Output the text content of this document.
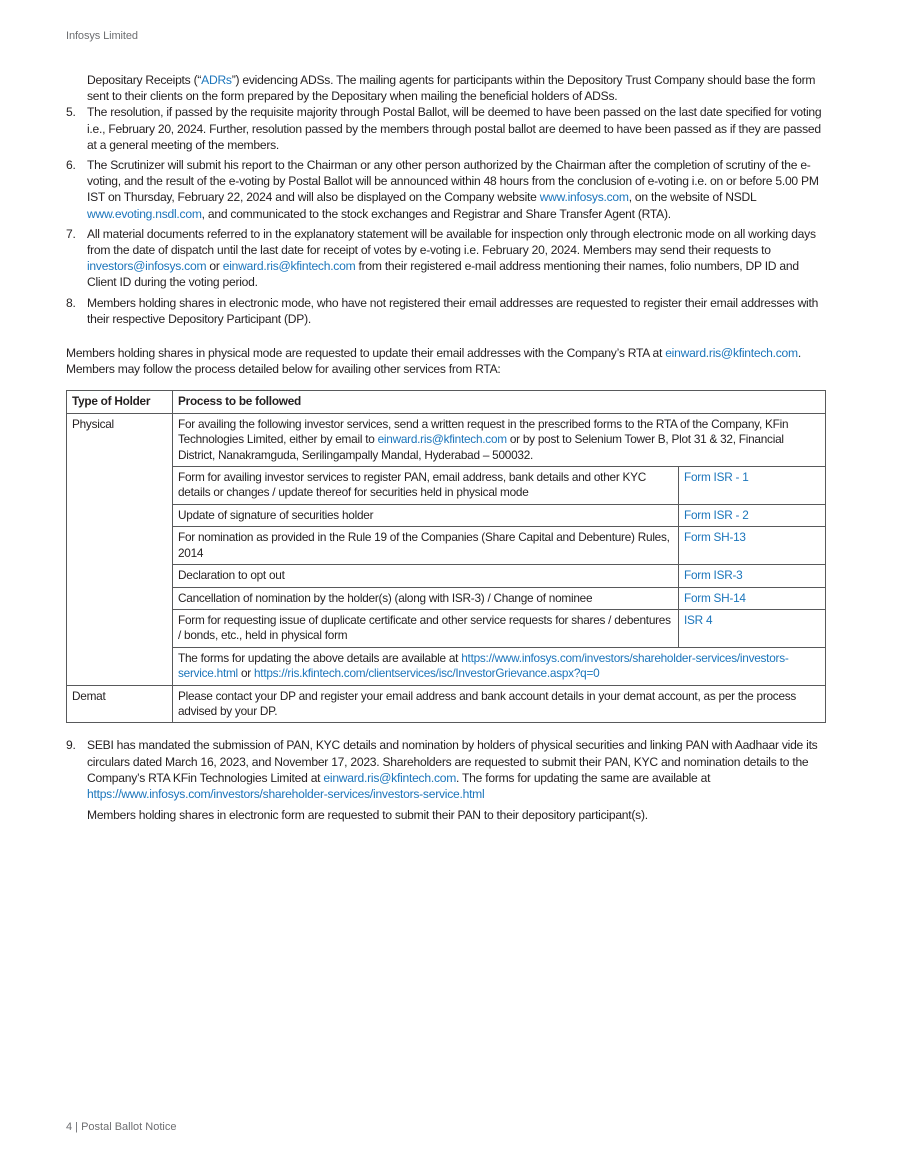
Infosys Limited

Depositary Receipts (“ADRs”) evidencing ADSs. The mailing agents for participants within the Depository Trust Company should base the form sent to their clients on the form prepared by the Depositary when mailing the beneficial holders of ADSs.

5. The resolution, if passed by the requisite majority through Postal Ballot, will be deemed to have been passed on the last date specified for voting i.e., February 20, 2024. Further, resolution passed by the members through postal ballot are deemed to have been passed as if they are passed at a general meeting of the members.
6. The Scrutinizer will submit his report to the Chairman or any other person authorized by the Chairman after the completion of scrutiny of the e-voting, and the result of the e-voting by Postal Ballot will be announced within 48 hours from the conclusion of e-voting i.e. on or before 5.00 PM IST on Thursday, February 22, 2024 and will also be displayed on the Company website www.infosys.com, on the website of NSDL www.evoting.nsdl.com, and communicated to the stock exchanges and Registrar and Share Transfer Agent (RTA).
7. All material documents referred to in the explanatory statement will be available for inspection only through electronic mode on all working days from the date of dispatch until the last date for receipt of votes by e-voting i.e. February 20, 2024. Members may send their requests to investors@infosys.com or einward.ris@kfintech.com from their registered e-mail address mentioning their names, folio numbers, DP ID and Client ID during the voting period.
8. Members holding shares in electronic mode, who have not registered their email addresses are requested to register their email addresses with their respective Depository Participant (DP).

Members holding shares in physical mode are requested to update their email addresses with the Company’s RTA at einward.ris@kfintech.com. Members may follow the process detailed below for availing other services from RTA:

Type of Holder	Process to be followed	
Physical	For availing the following investor services, send a written request in the prescribed forms to the RTA of the Company, KFin Technologies Limited, either by email to einward.ris@kfintech.com or by post to Selenium Tower B, Plot 31 & 32, Financial District, Nanakramguda, Serilingampally Mandal, Hyderabad – 500032.	
	Form for availing investor services to register PAN, email address, bank details and other KYC details or changes / update thereof for securities held in physical mode	Form ISR - 1
	Update of signature of securities holder	Form ISR - 2
	For nomination as provided in the Rule 19 of the Companies (Share Capital and Debenture) Rules, 2014	Form SH-13
	Declaration to opt out	Form ISR-3
	Cancellation of nomination by the holder(s) (along with ISR-3) / Change of nominee	Form SH-14
	Form for requesting issue of duplicate certificate and other service requests for shares / debentures / bonds, etc., held in physical form	ISR 4
	The forms for updating the above details are available at https://www.infosys.com/investors/shareholder-services/investors-service.html or https://ris.kfintech.com/clientservices/isc/InvestorGrievance.aspx?q=0	
Demat	Please contact your DP and register your email address and bank account details in your demat account, as per the process advised by your DP.	
9. SEBI has mandated the submission of PAN, KYC details and nomination by holders of physical securities and linking PAN with Aadhaar vide its circulars dated March 16, 2023, and November 17, 2023. Shareholders are requested to submit their PAN, KYC and nomination details to the Company’s RTA KFin Technologies Limited at einward.ris@kfintech.com. The forms for updating the same are available at https://www.infosys.com/investors/shareholder-services/investors-service.html
Members holding shares in electronic form are requested to submit their PAN to their depository participant(s).
4 | Postal Ballot Notice
